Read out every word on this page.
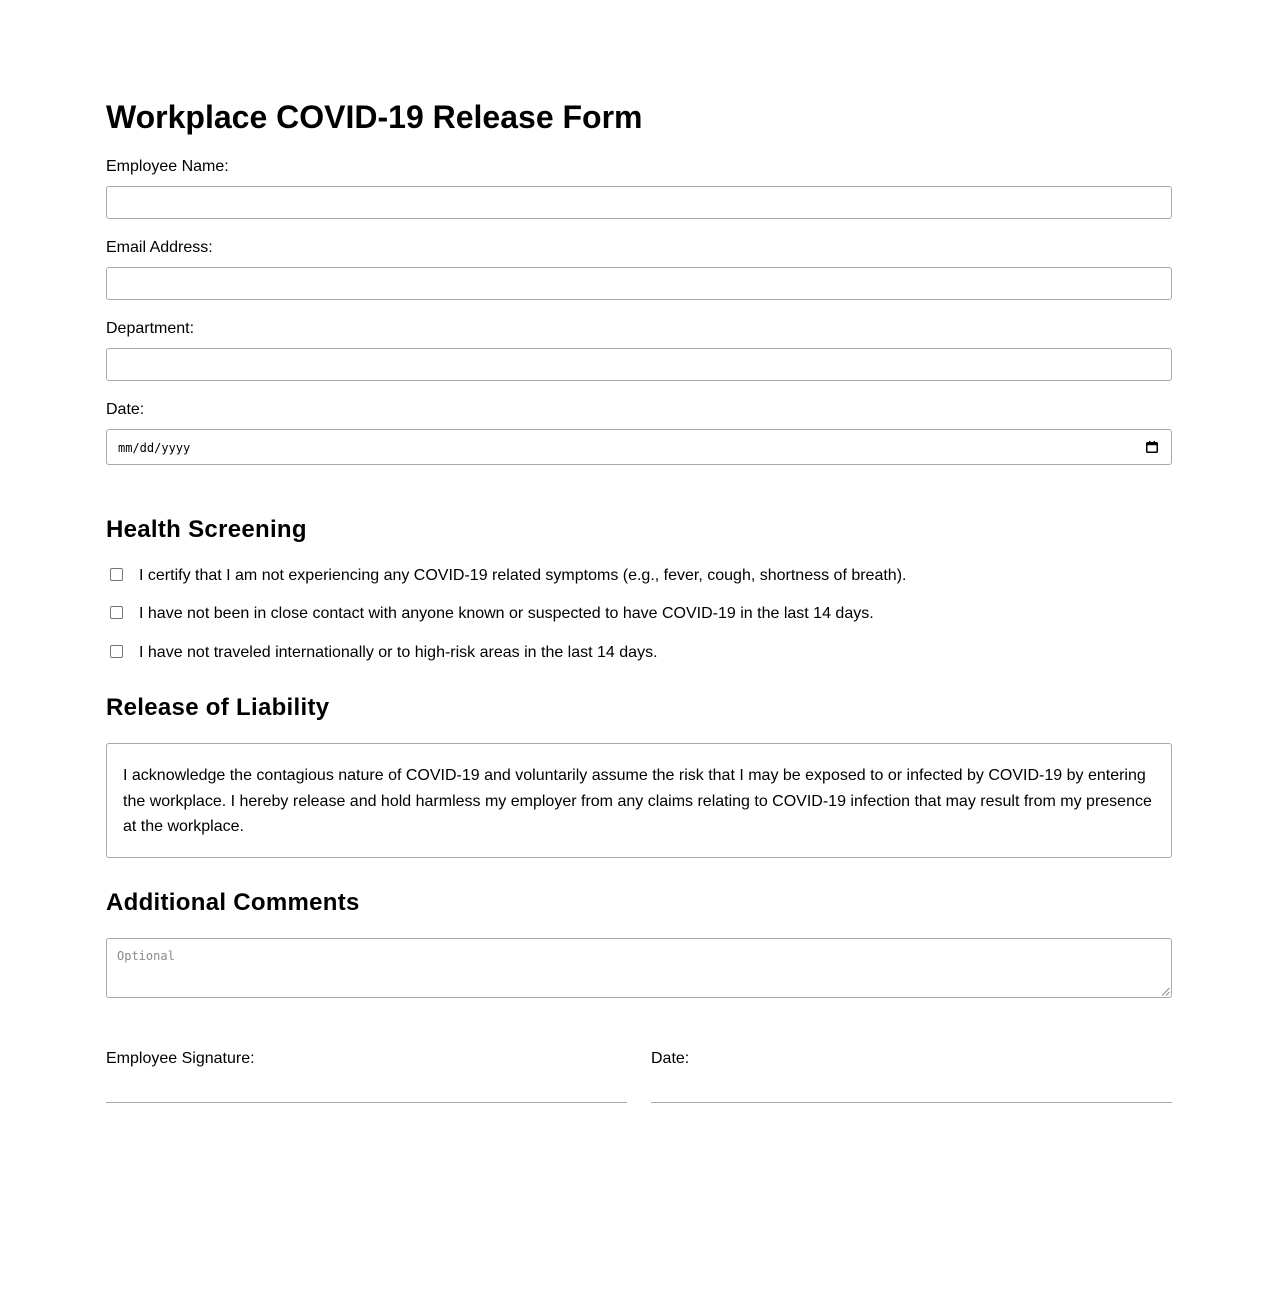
Workplace COVID-19 Release Form
Employee Name:
Email Address:
Department:
Date:
mm/dd/yyyy
Health Screening
I certify that I am not experiencing any COVID-19 related symptoms (e.g., fever, cough, shortness of breath).
I have not been in close contact with anyone known or suspected to have COVID-19 in the last 14 days.
I have not traveled internationally or to high-risk areas in the last 14 days.
Release of Liability
I acknowledge the contagious nature of COVID-19 and voluntarily assume the risk that I may be exposed to or infected by COVID-19 by entering the workplace. I hereby release and hold harmless my employer from any claims relating to COVID-19 infection that may result from my presence at the workplace.
Additional Comments
Optional
Employee Signature:	Date:
